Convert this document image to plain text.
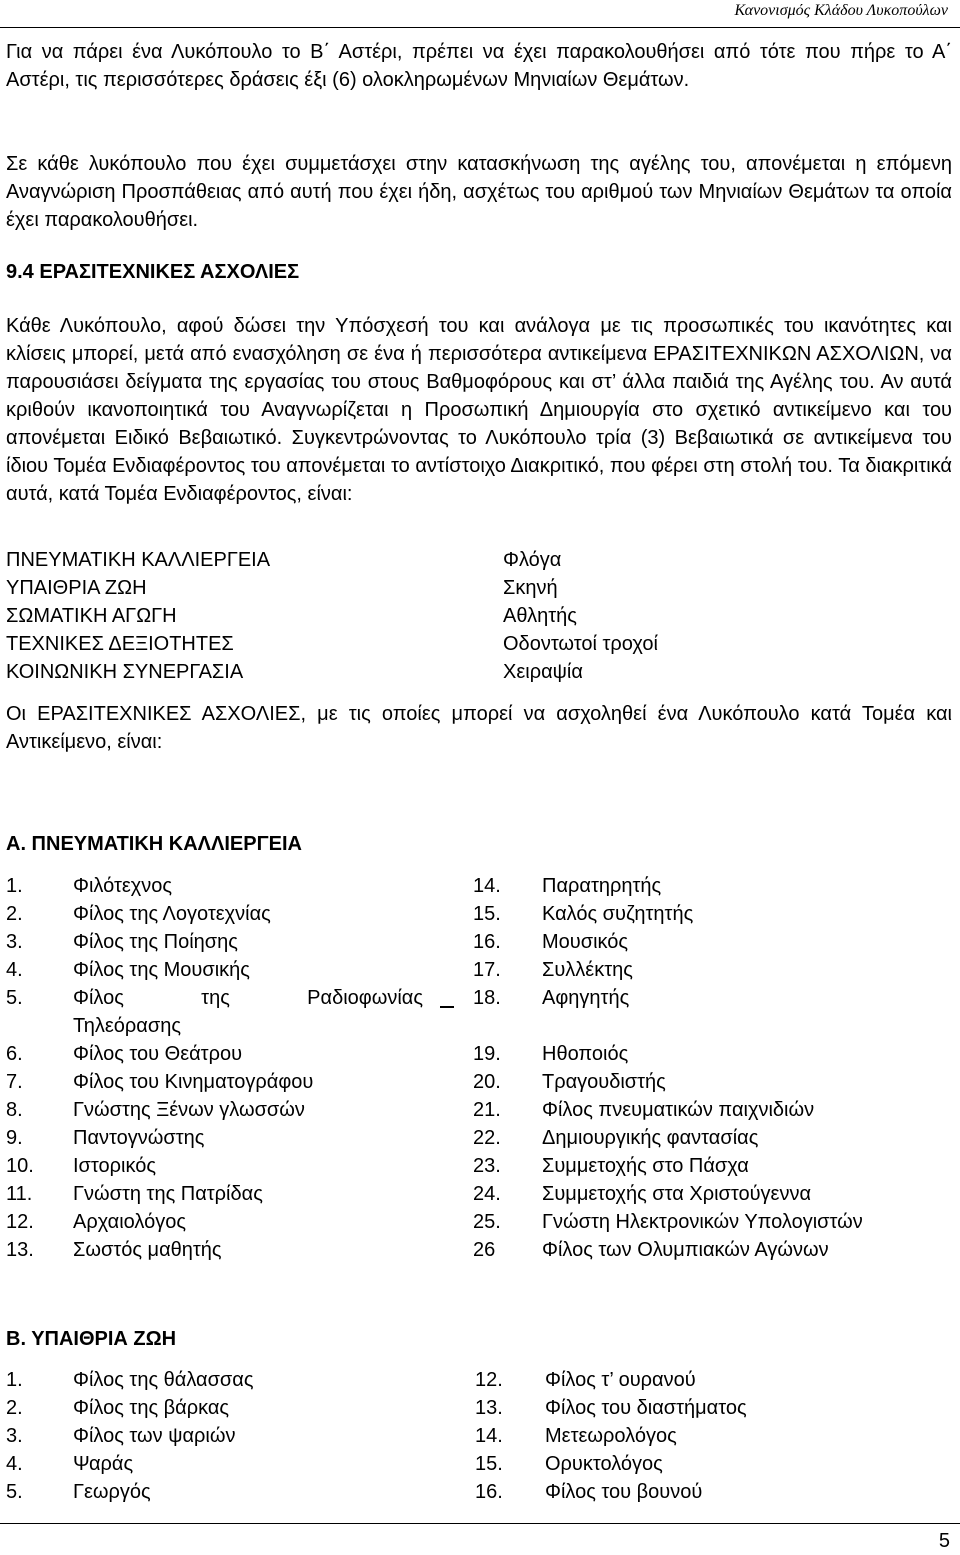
Κανονισμός Κλάδου Λυκοπούλων

Για να πάρει ένα Λυκόπουλο το Β΄ Αστέρι, πρέπει να έχει παρακολουθήσει από τότε που πήρε το Α΄ Αστέρι, τις περισσότερες δράσεις έξι (6) ολοκληρωμένων Μηνιαίων Θεμάτων.

Σε κάθε λυκόπουλο που έχει συμμετάσχει στην κατασκήνωση της αγέλης του, απονέμεται η επόμενη Αναγνώριση Προσπάθειας από αυτή που έχει ήδη, ασχέτως του αριθμού των Μηνιαίων Θεμάτων τα οποία έχει παρακολουθήσει.

9.4 ΕΡΑΣΙΤΕΧΝΙΚΕΣ ΑΣΧΟΛΙΕΣ

Κάθε Λυκόπουλο, αφού δώσει την Υπόσχεσή του και ανάλογα με τις προσωπικές του ικανότητες και κλίσεις μπορεί, μετά από ενασχόληση σε ένα ή περισσότερα αντικείμενα ΕΡΑΣΙΤΕΧΝΙΚΩΝ ΑΣΧΟΛΙΩΝ, να παρουσιάσει δείγματα της εργασίας του στους Βαθμοφόρους και στ’ άλλα παιδιά της Αγέλης του. Αν αυτά κριθούν ικανοποιητικά του Αναγνωρίζεται η Προσωπική Δημιουργία στο σχετικό αντικείμενο και του απονέμεται Ειδικό Βεβαιωτικό. Συγκεντρώνοντας το Λυκόπουλο τρία (3) Βεβαιωτικά σε αντικείμενα του ίδιου Τομέα Ενδιαφέροντος του απονέμεται το αντίστοιχο Διακριτικό, που φέρει στη στολή του. Τα διακριτικά αυτά, κατά Τομέα Ενδιαφέροντος, είναι:

ΠΝΕΥΜΑΤΙΚΗ ΚΑΛΛΙΕΡΓΕΙΑ	Φλόγα
ΥΠΑΙΘΡΙΑ ΖΩΗ	Σκηνή
ΣΩΜΑΤΙΚΗ ΑΓΩΓΗ	Αθλητής
ΤΕΧΝΙΚΕΣ ΔΕΞΙΟΤΗΤΕΣ	Οδοντωτοί τροχοί
ΚΟΙΝΩΝΙΚΗ ΣΥΝΕΡΓΑΣΙΑ	Χειραψία

Οι ΕΡΑΣΙΤΕΧΝΙΚΕΣ ΑΣΧΟΛΙΕΣ, με τις οποίες μπορεί να ασχοληθεί ένα Λυκόπουλο κατά Τομέα και Αντικείμενο, είναι:

Α. ΠΝΕΥΜΑΤΙΚΗ ΚΑΛΛΙΕΡΓΕΙΑ

1.	Φιλότεχνος
2.	Φίλος της Λογοτεχνίας
3.	Φίλος της Ποίησης
4.	Φίλος της Μουσικής
5.	Φίλος της Ραδιοφωνίας
Τηλεόρασης
6.	Φίλος του Θεάτρου
7.	Φίλος του Κινηματογράφου
8.	Γνώστης Ξένων γλωσσών
9.	Παντογνώστης
10. Ιστορικός
11. Γνώστη της Πατρίδας
12. Αρχαιολόγος
13. Σωστός μαθητής
14. Παρατηρητής
15. Καλός συζητητής
16. Μουσικός
17. Συλλέκτης
18. Αφηγητής
19. Ηθοποιός
20. Τραγουδιστής
21. Φίλος πνευματικών παιχνιδιών
22. Δημιουργικής φαντασίας
23. Συμμετοχής στο Πάσχα
24. Συμμετοχής στα Χριστούγεννα
25. Γνώστη Ηλεκτρονικών Υπολογιστών
26 Φίλος των Ολυμπιακών Αγώνων

Β. ΥΠΑΙΘΡΙΑ ΖΩΗ

1.	Φίλος της θάλασσας
2.	Φίλος της βάρκας
3.	Φίλος των ψαριών
4.	Ψαράς
5.	Γεωργός
12. Φίλος τ’ ουρανού
13. Φίλος του διαστήματος
14. Μετεωρολόγος
15. Ορυκτολόγος
16. Φίλος του βουνού
5
